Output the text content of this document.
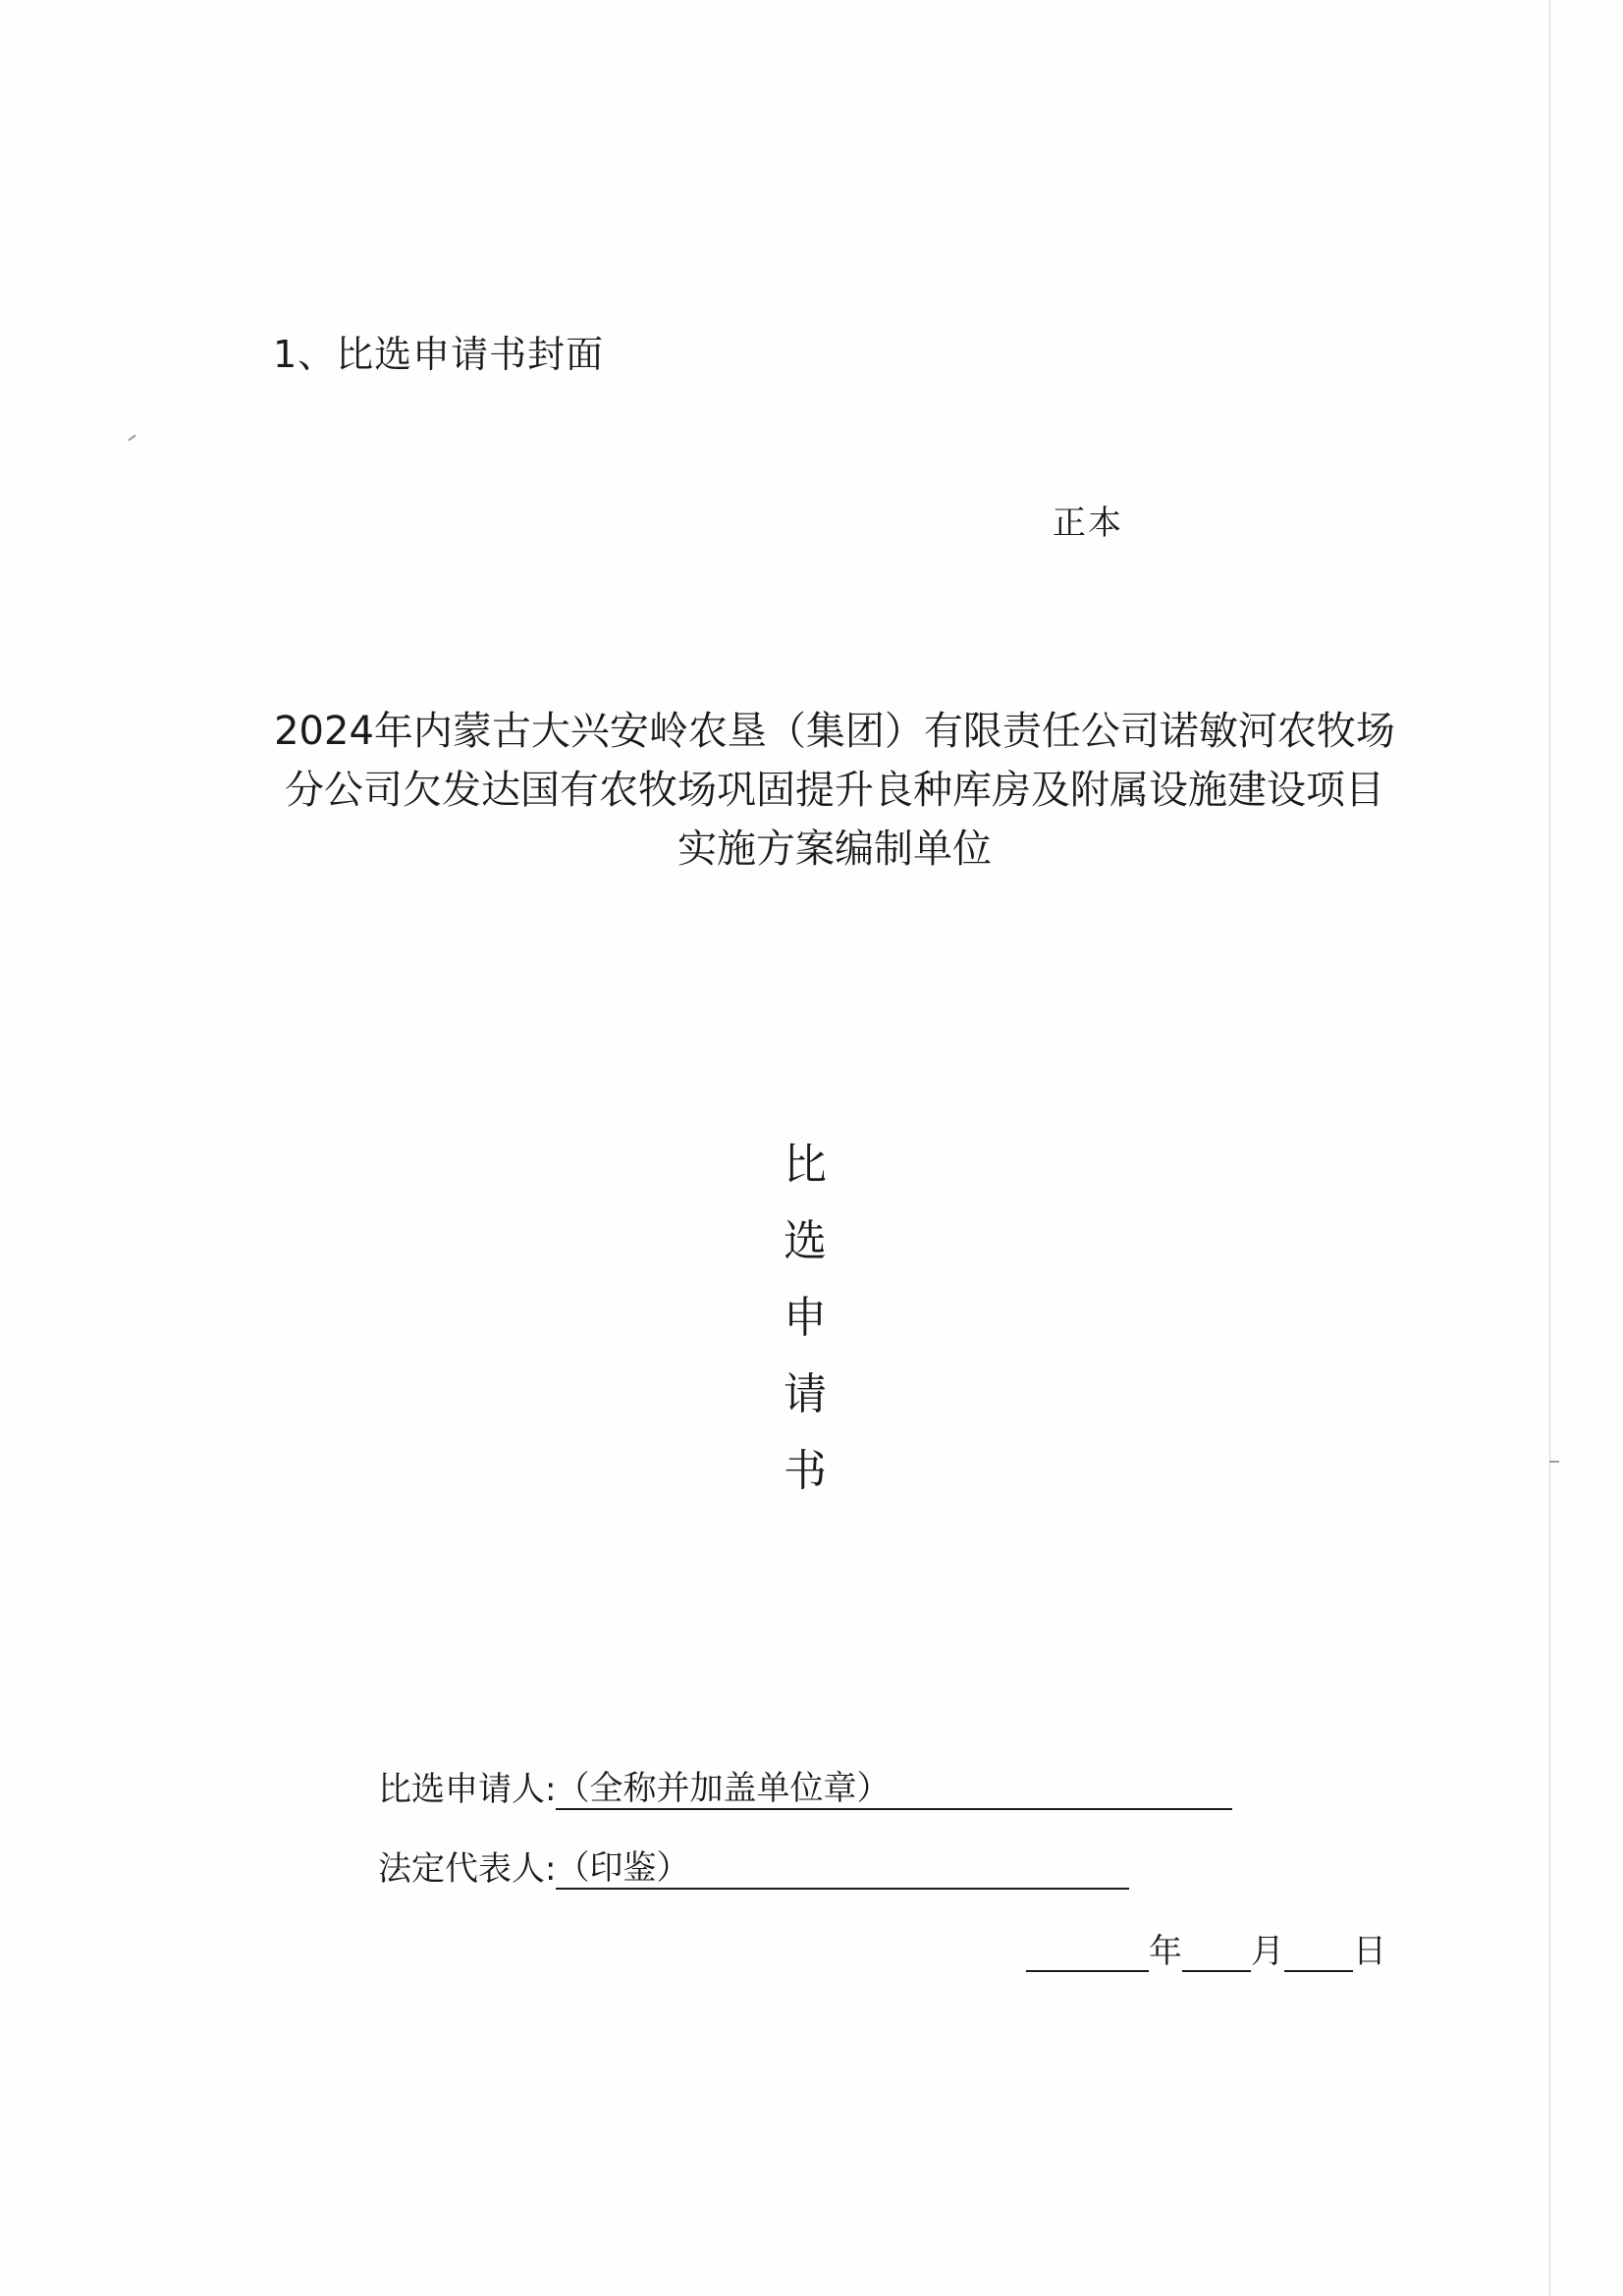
1、比选申请书封面
正本
2024年内蒙古大兴安岭农垦（集团）有限责任公司诺敏河农牧场
分公司欠发达国有农牧场巩固提升良种库房及附属设施建设项目
实施方案编制单位
比
选
申
请
书
比选申请人: （全称并加盖单位章）
法定代表人: （印鉴）
年 月 日
